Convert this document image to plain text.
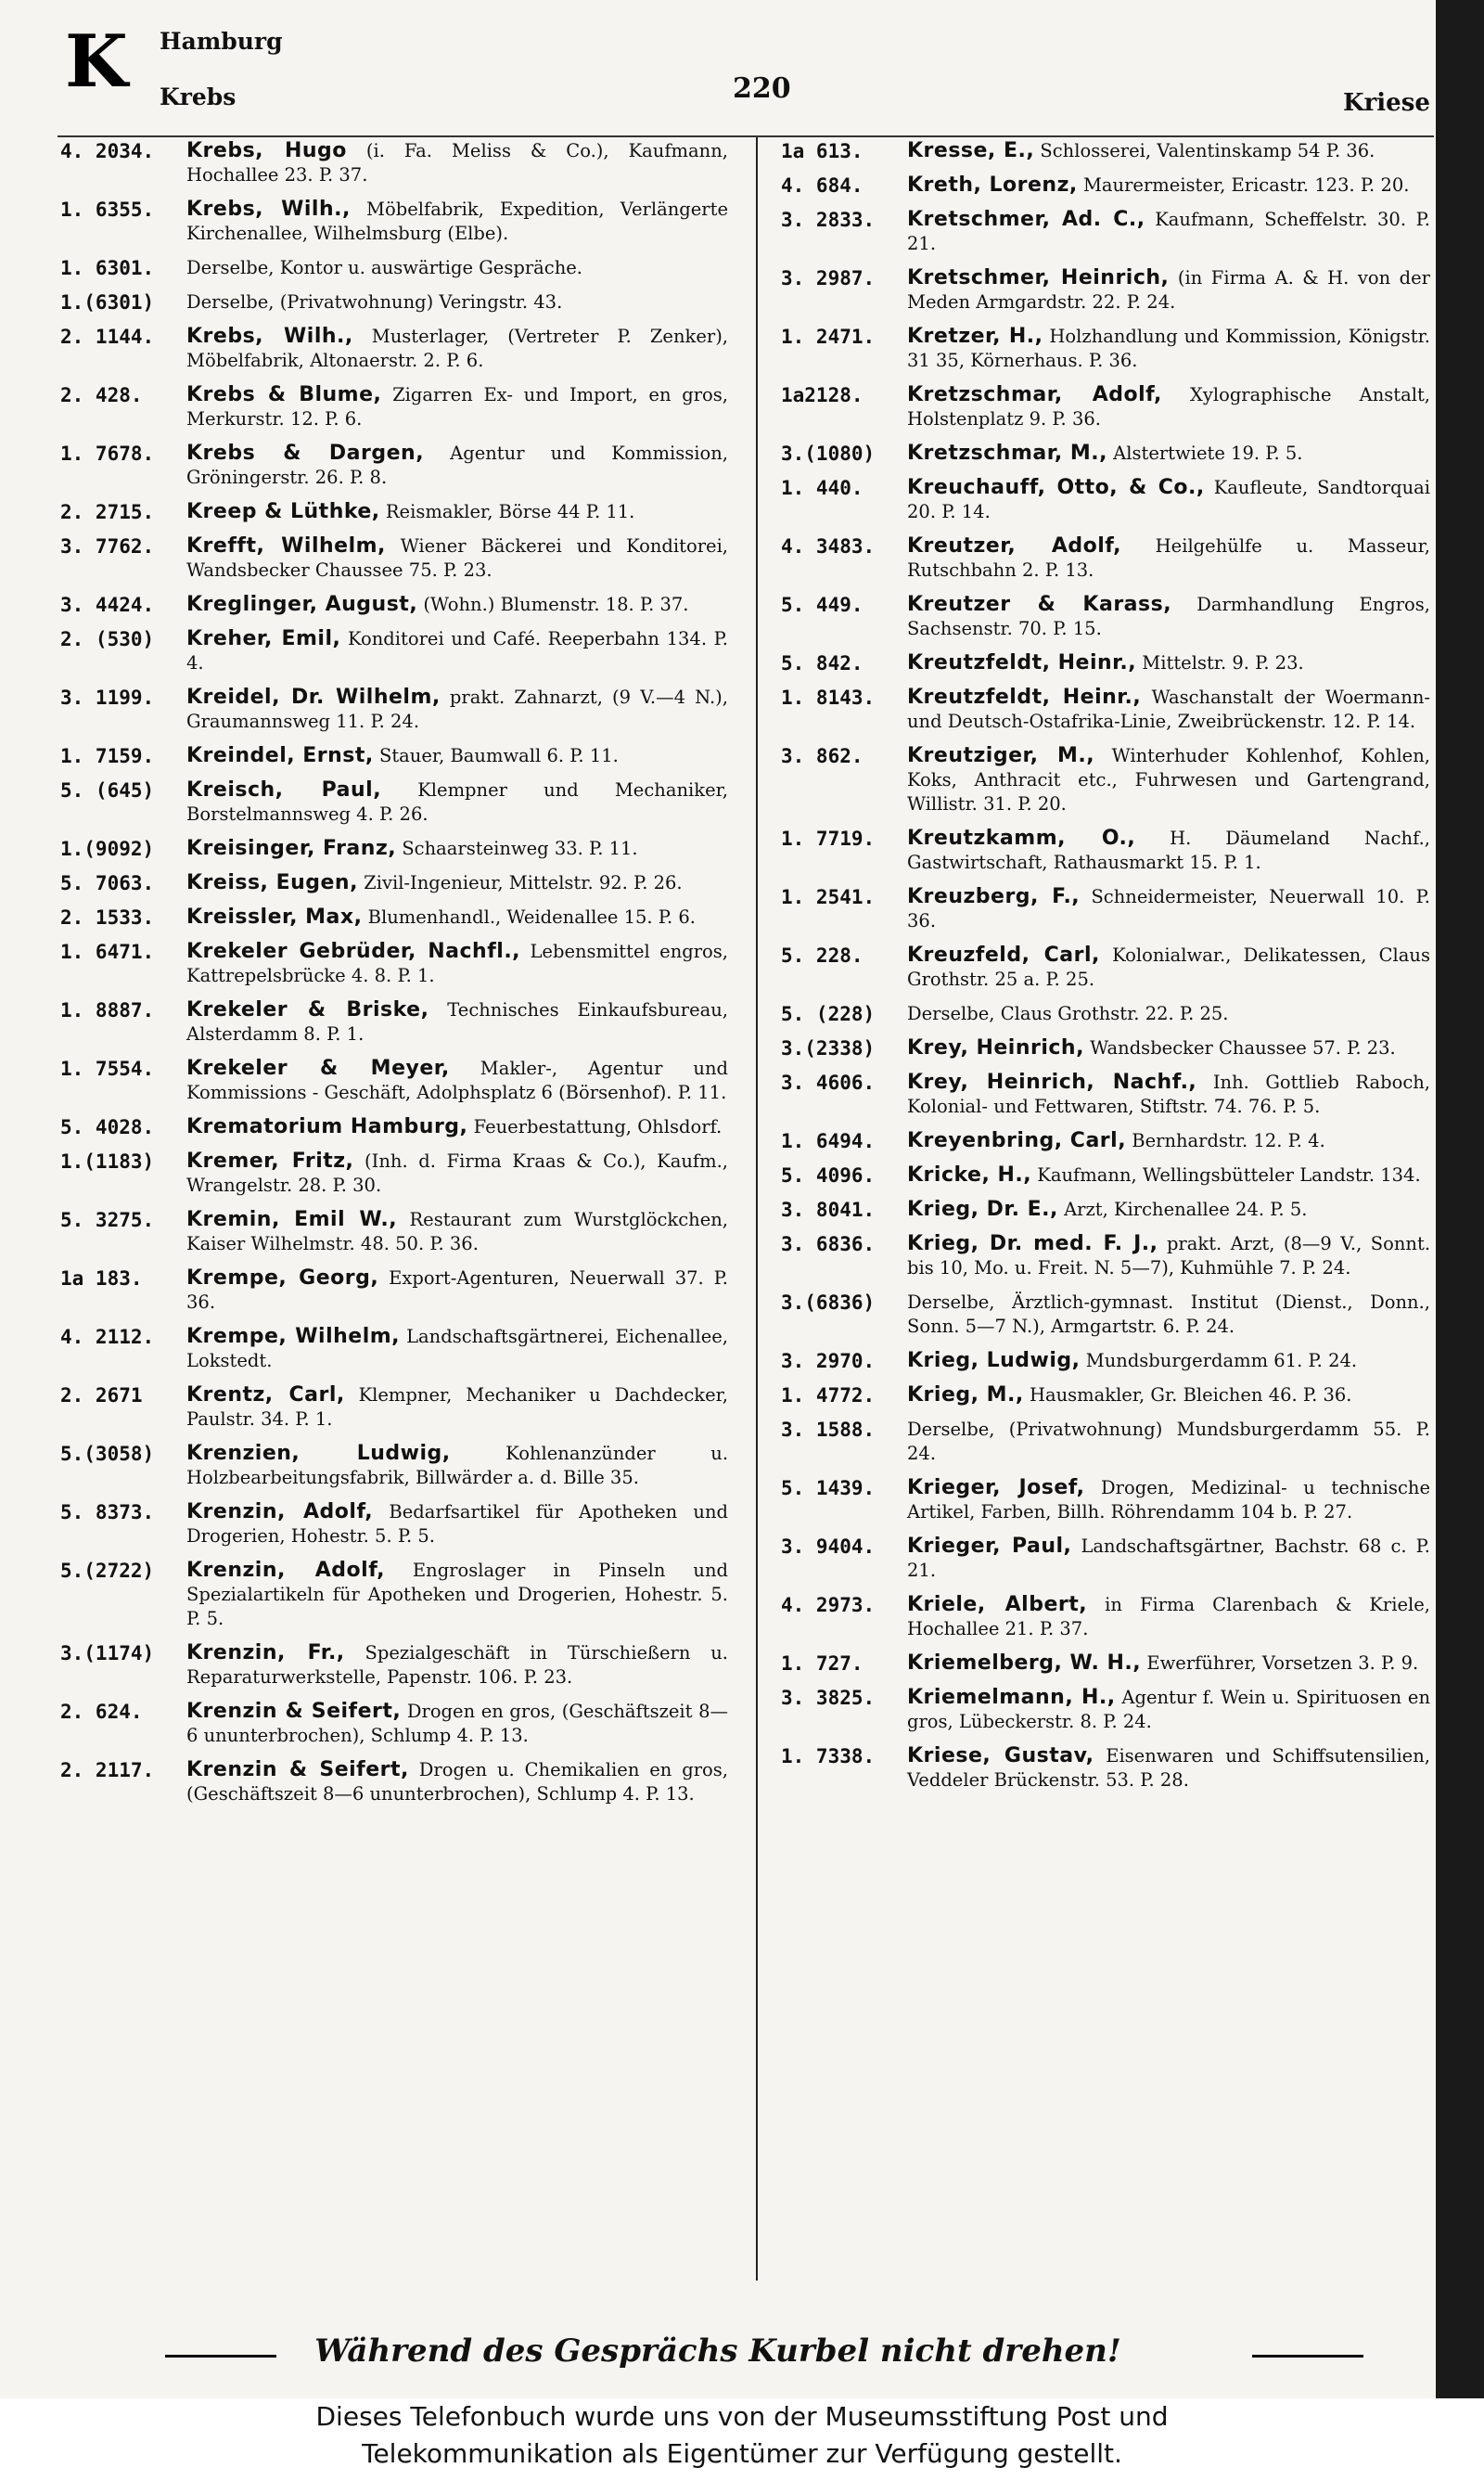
K Hamburg
Krebs	220	Kriese
4. 2034.	Krebs, Hugo (i. Fa. Meliss & Co.), Kaufmann, Hochallee 23. P. 37.
1. 6355.	Krebs, Wilh., Möbelfabrik, Expedition, Verlängerte Kirchenallee, Wilhelmsburg (Elbe).
1. 6301.	Derselbe, Kontor u. auswärtige Gespräche.
1.(6301)	Derselbe, (Privatwohnung) Veringstr. 43.
2. 1144.	Krebs, Wilh., Musterlager, (Vertreter P. Zenker), Möbelfabrik, Altonaerstr. 2. P. 6.
2. 428.	Krebs & Blume, Zigarren Ex- und Import, en gros, Merkurstr. 12. P. 6.
1. 7678.	Krebs & Dargen, Agentur und Kommission, Gröningerstr. 26. P. 8.
2. 2715.	Kreep & Lüthke, Reismakler, Börse 44 P. 11.
3. 7762.	Krefft, Wilhelm, Wiener Bäckerei und Konditorei, Wandsbecker Chaussee 75. P. 23.
3. 4424.	Kreglinger, August, (Wohn.) Blumenstr. 18. P. 37.
2. (530)	Kreher, Emil, Konditorei und Café. Reeperbahn 134. P. 4.
3. 1199.	Kreidel, Dr. Wilhelm, prakt. Zahnarzt, (9 V.—4 N.), Graumannsweg 11. P. 24.
1. 7159.	Kreindel, Ernst, Stauer, Baumwall 6. P. 11.
5. (645)	Kreisch, Paul, Klempner und Mechaniker, Borstelmannsweg 4. P. 26.
1.(9092)	Kreisinger, Franz, Schaarsteinweg 33. P. 11.
5. 7063.	Kreiss, Eugen, Zivil-Ingenieur, Mittelstr. 92. P. 26.
2. 1533.	Kreissler, Max, Blumenhandl., Weidenallee 15. P. 6.
1. 6471.	Krekeler Gebrüder, Nachfl., Lebensmittel engros, Kattrepelsbrücke 4. 8. P. 1.
1. 8887.	Krekeler & Briske, Technisches Einkaufsbureau, Alsterdamm 8. P. 1.
1. 7554.	Krekeler & Meyer, Makler-, Agentur und Kommissions - Geschäft, Adolphsplatz 6 (Börsenhof). P. 11.
5. 4028.	Krematorium Hamburg, Feuerbestattung, Ohlsdorf.
1.(1183)	Kremer, Fritz, (Inh. d. Firma Kraas & Co.), Kaufm., Wrangelstr. 28. P. 30.
5. 3275.	Kremin, Emil W., Restaurant zum Wurstglöckchen, Kaiser Wilhelmstr. 48. 50. P. 36.
1a 183.	Krempe, Georg, Export-Agenturen, Neuerwall 37. P. 36.
4. 2112.	Krempe, Wilhelm, Landschaftsgärtnerei, Eichenallee, Lokstedt.
2. 2671	Krentz, Carl, Klempner, Mechaniker u Dachdecker, Paulstr. 34. P. 1.
5.(3058)	Krenzien, Ludwig,	Kohlenanzünder u. Holzbearbeitungsfabrik, Billwärder a. d. Bille 35.
5. 8373.	Krenzin, Adolf, Bedarfsartikel für Apotheken und Drogerien, Hohestr. 5. P. 5.
5.(2722)	Krenzin, Adolf, Engroslager in Pinseln und Spezialartikeln für Apotheken und Drogerien, Hohestr. 5. P. 5.
3.(1174)	Krenzin, Fr., Spezialgeschäft in Türschießern u. Reparaturwerkstelle, Papenstr. 106. P. 23.
2. 624.	Krenzin & Seifert, Drogen en gros, (Geschäftszeit 8—6 ununterbrochen), Schlump 4. P. 13.
2. 2117.	Krenzin & Seifert, Drogen u. Chemikalien en gros, (Geschäftszeit 8—6 ununterbrochen), Schlump 4. P. 13.
1a 613.	Kresse, E., Schlosserei, Valentinskamp 54 P. 36.
4. 684.	Kreth, Lorenz, Maurermeister, Ericastr. 123. P. 20.
3. 2833.	Kretschmer, Ad. C., Kaufmann, Scheffelstr. 30. P. 21.
3. 2987.	Kretschmer, Heinrich, (in Firma A. & H. von der Meden Armgardstr. 22. P. 24.
1. 2471.	Kretzer, H., Holzhandlung und Kommission, Königstr. 31 35, Körnerhaus. P. 36.
1a2128.	Kretzschmar, Adolf, Xylographische Anstalt, Holstenplatz 9. P. 36.
3.(1080)	Kretzschmar, M., Alstertwiete 19. P. 5.
1. 440.	Kreuchauff, Otto, & Co., Kaufleute, Sandtorquai 20. P. 14.
4. 3483.	Kreutzer, Adolf, Heilgehülfe u. Masseur, Rutschbahn 2. P. 13.
5. 449.	Kreutzer & Karass, Darmhandlung Engros, Sachsenstr. 70. P. 15.
5. 842.	Kreutzfeldt, Heinr., Mittelstr. 9. P. 23.
1. 8143.	Kreutzfeldt, Heinr., Waschanstalt der Woermann- und Deutsch-Ostafrika-Linie, Zweibrückenstr. 12. P. 14.
3. 862.	Kreutziger, M., Winterhuder Kohlenhof, Kohlen, Koks, Anthracit etc., Fuhrwesen und Gartengrand, Willistr. 31. P. 20.
1. 7719.	Kreutzkamm, O., H. Däumeland Nachf., Gastwirtschaft, Rathausmarkt 15. P. 1.
1. 2541.	Kreuzberg, F., Schneidermeister, Neuerwall 10. P. 36.
5. 228.	Kreuzfeld, Carl, Kolonialwar., Delikatessen, Claus Grothstr. 25 a. P. 25.
5. (228)	Derselbe, Claus Grothstr. 22. P. 25.
3.(2338)	Krey, Heinrich, Wandsbecker Chaussee 57. P. 23.
3. 4606.	Krey, Heinrich, Nachf., Inh. Gottlieb Raboch, Kolonial- und Fettwaren, Stiftstr. 74. 76. P. 5.
1. 6494.	Kreyenbring, Carl, Bernhardstr. 12. P. 4.
5. 4096.	Kricke, H., Kaufmann, Wellingsbütteler Landstr. 134.
3. 8041.	Krieg, Dr. E., Arzt, Kirchenallee 24. P. 5.
3. 6836.	Krieg, Dr. med. F. J., prakt. Arzt, (8—9 V., Sonnt. bis 10, Mo. u. Freit. N. 5—7), Kuhmühle 7. P. 24.
3.(6836)	Derselbe, Ärztlich-gymnast. Institut (Dienst., Donn., Sonn. 5—7 N.), Armgartstr. 6. P. 24.
3. 2970.	Krieg, Ludwig, Mundsburgerdamm 61. P. 24.
1. 4772.	Krieg, M., Hausmakler, Gr. Bleichen 46. P. 36.
3. 1588.	Derselbe, (Privatwohnung) Mundsburgerdamm 55. P. 24.
5. 1439.	Krieger, Josef, Drogen, Medizinal- u technische Artikel, Farben, Billh. Röhrendamm 104 b. P. 27.
3. 9404.	Krieger, Paul, Landschaftsgärtner, Bachstr. 68 c. P. 21.
4. 2973.	Kriele, Albert, in Firma Clarenbach & Kriele, Hochallee 21. P. 37.
1. 727.	Kriemelberg, W. H., Ewerführer, Vorsetzen 3. P. 9.
3. 3825.	Kriemelmann, H., Agentur f. Wein u. Spirituosen en gros, Lübeckerstr. 8. P. 24.
1. 7338.	Kriese, Gustav, Eisenwaren und Schiffsutensilien, Veddeler Brückenstr. 53. P. 28.
Während des Gesprächs Kurbel nicht drehen!
Dieses Telefonbuch wurde uns von der Museumsstiftung Post und
Telekommunikation als Eigentümer zur Verfügung gestellt.
